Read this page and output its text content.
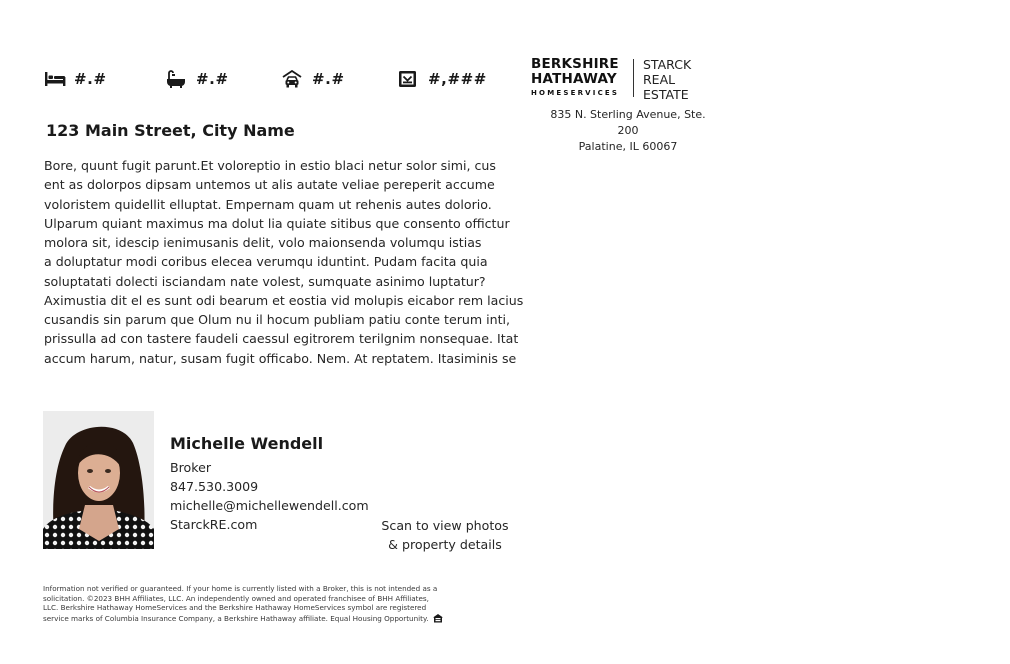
#.#	#.#	#.#	#,###
123 Main Street, City Name
Bore, quunt fugit parunt.Et voloreptio in estio blaci netur solor simi, cus
ent as dolorpos dipsam untemos ut alis autate veliae pereperit accume
voloristem quidellit elluptat. Empernam quam ut rehenis autes dolorio.
Ulparum quiant maximus ma dolut lia quiate sitibus que consento offictur
molora sit, idescip ienimusanis delit, volo maionsenda volumqu istias
a doluptatur modi coribus elecea verumqu iduntint. Pudam facita quia
soluptatati dolecti isciandam nate volest, sumquate asinimo luptatur?
Aximustia dit el es sunt odi bearum et eostia vid molupis eicabor rem lacius
cusandis sin parum que Olum nu il hocum publiam patiu conte terum inti,
prissulla ad con tastere faudeli caessul egitrorem terilgnim nonsequae. Itat
accum harum, natur, susam fugit officabo. Nem. At reptatem. Itasiminis se
Michelle Wendell
Broker
847.530.3009
michelle@michellewendell.com
StarckRE.com	Scan to view photos
& property details
Information not verified or guaranteed. If your home is currently listed with a Broker, this is not intended as a
solicitation. ©2023 BHH Affiliates, LLC. An independently owned and operated franchisee of BHH Affiliates,
LLC. Berkshire Hathaway HomeServices and the Berkshire Hathaway HomeServices symbol are registered
service marks of Columbia Insurance Company, a Berkshire Hathaway affiliate. Equal Housing Opportunity.
BERKSHIRE
HATHAWAY
HOMESERVICES
STARCK
REAL ESTATE
835 N. Sterling Avenue, Ste. 200
Palatine, IL 60067
